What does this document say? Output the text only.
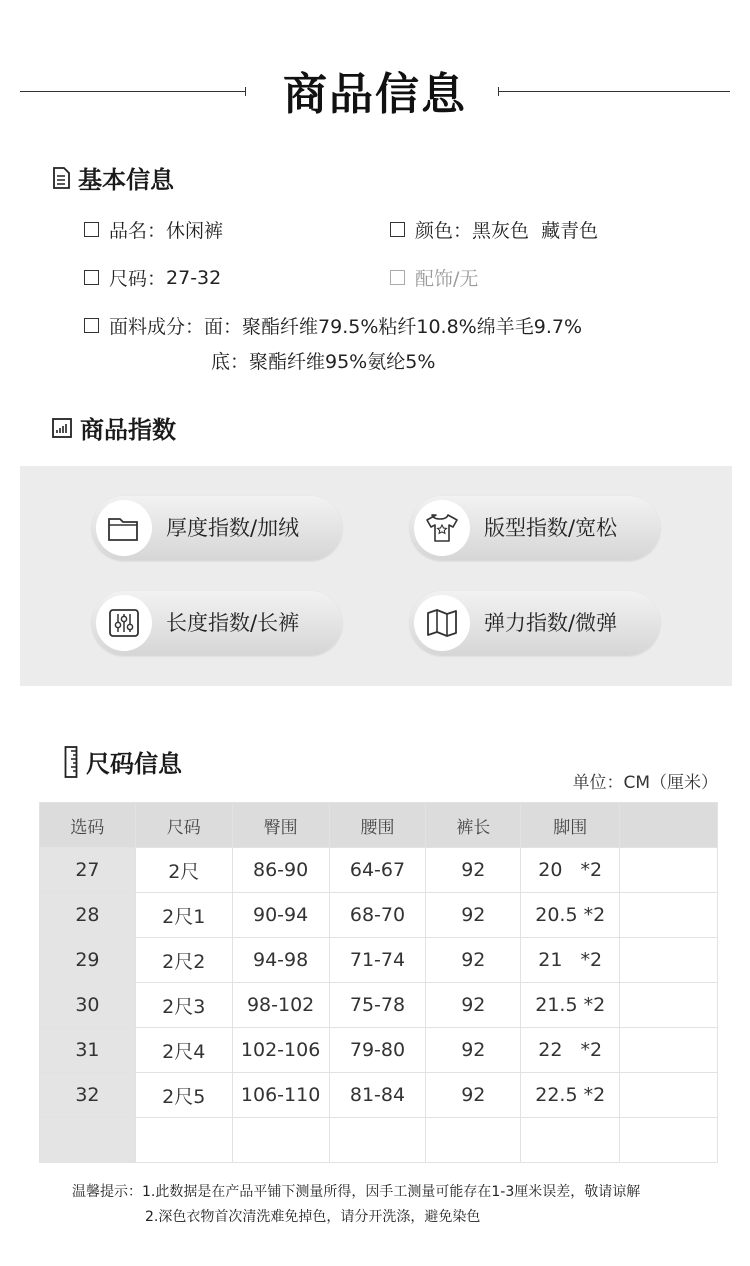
商品信息
基本信息
品名： 休闲裤	颜色： 黑灰色  藏青色
尺码： 27-32	配饰/无
面料成分： 面：聚酯纤维79.5%粘纤10.8%绵羊毛9.7%
底：聚酯纤维95%氨纶5%
商品指数
厚度指数/加绒	版型指数/宽松
长度指数/长裤	弹力指数/微弹
尺码信息
单位：CM（厘米）
选码	尺码	臀围	腰围	裤长	脚围	
27	2尺	86-90	64-67	92	20   *2	
28	2尺1	90-94	68-70	92	20.5 *2	
29	2尺2	94-98	71-74	92	21   *2	
30	2尺3	98-102	75-78	92	21.5 *2	
31	2尺4	102-106	79-80	92	22   *2	
32	2尺5	106-110	81-84	92	22.5 *2	

温馨提示：1.此数据是在产品平铺下测量所得，因手工测量可能存在1-3厘米误差，敬请谅解
2.深色衣物首次清洗难免掉色，请分开洗涤，避免染色
